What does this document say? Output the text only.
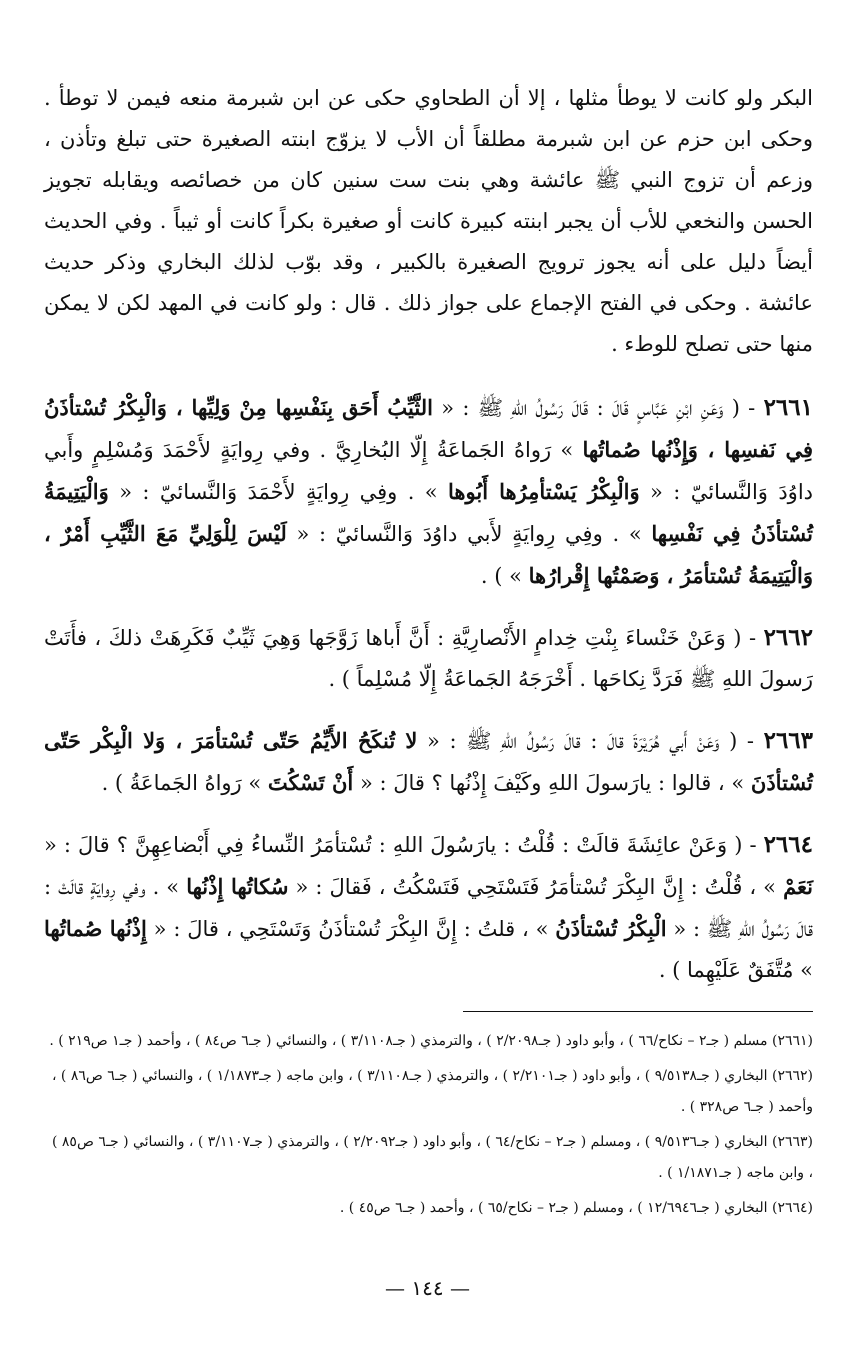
البكر ولو كانت لا يوطأ مثلها ، إلا أن الطحاوي حكى عن ابن شبرمة منعه فيمن لا توطأ . وحكى ابن حزم عن ابن شبرمة مطلقاً أن الأب لا يزوّج ابنته الصغيرة حتى تبلغ وتأذن ، وزعم أن تزوج النبي ﷺ عائشة وهي بنت ست سنين كان من خصائصه ويقابله تجويز الحسن والنخعي للأب أن يجبر ابنته كبيرة كانت أو صغيرة بكراً كانت أو ثيباً . وفي الحديث أيضاً دليل على أنه يجوز ترويج الصغيرة بالكبير ، وقد بوّب لذلك البخاري وذكر حديث عائشة . وحكى في الفتح الإجماع على جواز ذلك . قال : ولو كانت في المهد لكن لا يمكن منها حتى تصلح للوطء .

٢٦٦١ - ( وَعَنِ ابْنِ عَبَّاسٍ قَالَ : قَالَ رَسُولُ اللهِ ﷺ : « الثَّيِّبُ أَحَق بِنَفْسِها مِنْ وَلِيِّها ، وَالْبِكْرُ تُسْتأذَنُ فِي نَفسِها ، وَإِذْنُها صُماتُها » رَواهُ الجَماعَةُ إِلّا البُخارِيَّ . وفي رِوايَةٍ لأَحْمَدَ وَمُسْلِمٍ وأَبي داوُدَ وَالنَّسائيّ : « وَالْبِكْرُ يَسْتأمِرُها أَبُوها » . وفِي رِوايَةٍ لأَحْمَدَ وَالنَّسائيّ : « وَالْيَتِيمَةُ تُسْتأذَنُ فِي نَفْسِها » . وفِي رِوايَةٍ لأَبي داوُدَ وَالنَّسائيّ : « لَيْسَ لِلْوَلِيِّ مَعَ الثَّيِّبِ أَمْرٌ ، وَالْيَتِيمَةُ تُسْتأمَرُ ، وَصَمْتُها إِقْرارُها » ) .

٢٦٦٢ - ( وَعَنْ خَنْساءَ بِنْتِ خِدامٍ الأَنْصارِيَّةِ : أَنَّ أَباها زَوَّجَها وَهِيَ ثَيِّبٌ فَكَرِهَتْ ذلكَ ، فأَتَتْ رَسولَ اللهِ ﷺ فَرَدَّ نِكاحَها . أَخْرَجَهُ الجَماعَةُ إِلّا مُسْلِماً ) .

٢٦٦٣ - ( وَعَنْ أَبي هُرَيْرَةَ قالَ : قالَ رَسُولُ اللهِ ﷺ : « لا تُنكَحُ الأَيِّمُ حَتّى تُسْتأمَرَ ، وَلا الْبِكْر حَتّى تُسْتأذَنَ » ، قالوا : يارَسولَ اللهِ وكَيْفَ إِذْنُها ؟ قالَ : « أَنْ تَسْكُتَ » رَواهُ الجَماعَةُ ) .

٢٦٦٤ - ( وَعَنْ عائِشَةَ قالَتْ : قُلْتُ : يارَسُولَ اللهِ : تُسْتأمَرُ النِّساءُ فِي أَبْضاعِهِنَّ ؟ قالَ : « نَعَمْ » ، قُلْتُ : إِنَّ البِكْرَ تُسْتأمَرُ فَتَسْتَحِي فَتَسْكُتُ ، فَقالَ : « سُكاتُها إِذْنُها » . وفي رِوايَةٍ قالَتْ : قالَ رَسُولُ اللهِ ﷺ : « الْبِكْرُ تُسْتأذَنُ » ، قلتُ : إِنَّ البِكْرَ تُسْتأذَنُ وَتَسْتَحِي ، قالَ : « إِذْنُها صُماتُها » مُتَّفَقٌ عَلَيْهِما ) .

(٢٦٦١) مسلم ( جـ٢ – نكاح/٦٦ ) ، وأبو داود ( جـ٢/٢٠٩٨ ) ، والترمذي ( جـ٣/١١٠٨ ) ، والنسائي ( جـ٦ ص٨٤ ) ، وأحمد ( جـ١ ص٢١٩ ) .

(٢٦٦٢) البخاري ( جـ٩/٥١٣٨ ) ، وأبو داود ( جـ٢/٢١٠١ ) ، والترمذي ( جـ٣/١١٠٨ ) ، وابن ماجه ( جـ١/١٨٧٣ ) ، والنسائي ( جـ٦ ص٨٦ ) ، وأحمد ( جـ٦ ص٣٢٨ ) .

(٢٦٦٣) البخاري ( جـ٩/٥١٣٦ ) ، ومسلم ( جـ٢ – نكاح/٦٤ ) ، وأبو داود ( جـ٢/٢٠٩٢ ) ، والترمذي ( جـ٣/١١٠٧ ) ، والنسائي ( جـ٦ ص٨٥ ) ، وابن ماجه ( جـ١/١٨٧١ ) .

(٢٦٦٤) البخاري ( جـ١٢/٦٩٤٦ ) ، ومسلم ( جـ٢ – نكاح/٦٥ ) ، وأحمد ( جـ٦ ص٤٥ ) .

— ١٤٤ —
